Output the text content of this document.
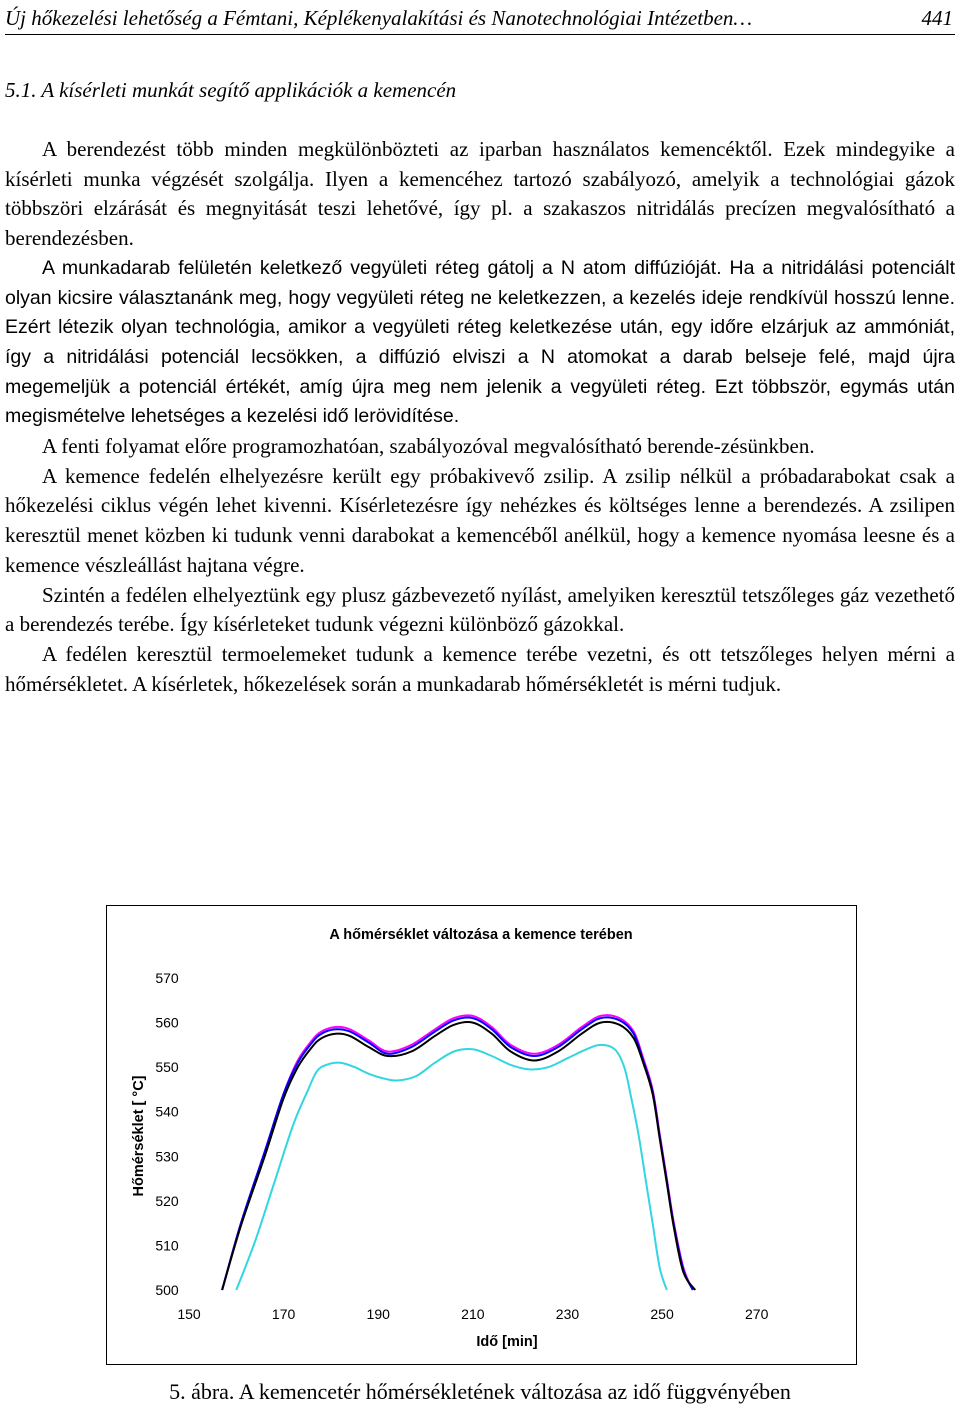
Új hőkezelési lehetőség a Fémtani, Képlékenyalakítási és Nanotechnológiai Intézetben…	441
5.1. A kísérleti munkát segítő applikációk a kemencén

A berendezést több minden megkülönbözteti az iparban használatos kemencéktől. Ezek mindegyike a kísérleti munka végzését szolgálja. Ilyen a kemencéhez tartozó szabályozó, amelyik a technológiai gázok többszöri elzárását és megnyitását teszi lehetővé, így pl. a szakaszos nitridálás precízen megvalósítható a berendezésben.

A munkadarab felületén keletkező vegyületi réteg gátolj a N atom diffúzióját. Ha a nitridálási potenciált olyan kicsire választanánk meg, hogy vegyületi réteg ne keletkezzen, a kezelés ideje rendkívül hosszú lenne. Ezért létezik olyan technológia, amikor a vegyületi réteg keletkezése után, egy időre elzárjuk az ammóniát, így a nitridálási potenciál lecsökken, a diffúzió elviszi a N atomokat a darab belseje felé, majd újra megemeljük a potenciál értékét, amíg újra meg nem jelenik a vegyületi réteg. Ezt többször, egymás után megismételve lehetséges a kezelési idő lerövidítése.

A fenti folyamat előre programozhatóan, szabályozóval megvalósítható berende-zésünkben.

A kemence fedelén elhelyezésre került egy próbakivevő zsilip. A zsilip nélkül a próbadarabokat csak a hőkezelési ciklus végén lehet kivenni. Kísérletezésre így nehézkes és költséges lenne a berendezés. A zsilipen keresztül menet közben ki tudunk venni darabokat a kemencéből anélkül, hogy a kemence nyomása leesne és a kemence vészleállást hajtana végre.

Szintén a fedélen elhelyeztünk egy plusz gázbevezető nyílást, amelyiken keresztül tetszőleges gáz vezethető a berendezés terébe. Így kísérleteket tudunk végezni különböző gázokkal.

A fedélen keresztül termoelemeket tudunk a kemence terébe vezetni, és ott tetszőleges helyen mérni a hőmérsékletet. A kísérletek, hőkezelések során a munkadarab hőmérsékletét is mérni tudjuk.

A hőmérséklet változása a kemence terében
500
510
520
530
540
550
560
570
150	170	190	210	230	250	270
Idő [min]
Hőmérséklet [ °C]
5. ábra. A kemencetér hőmérsékletének változása az idő függvényében
